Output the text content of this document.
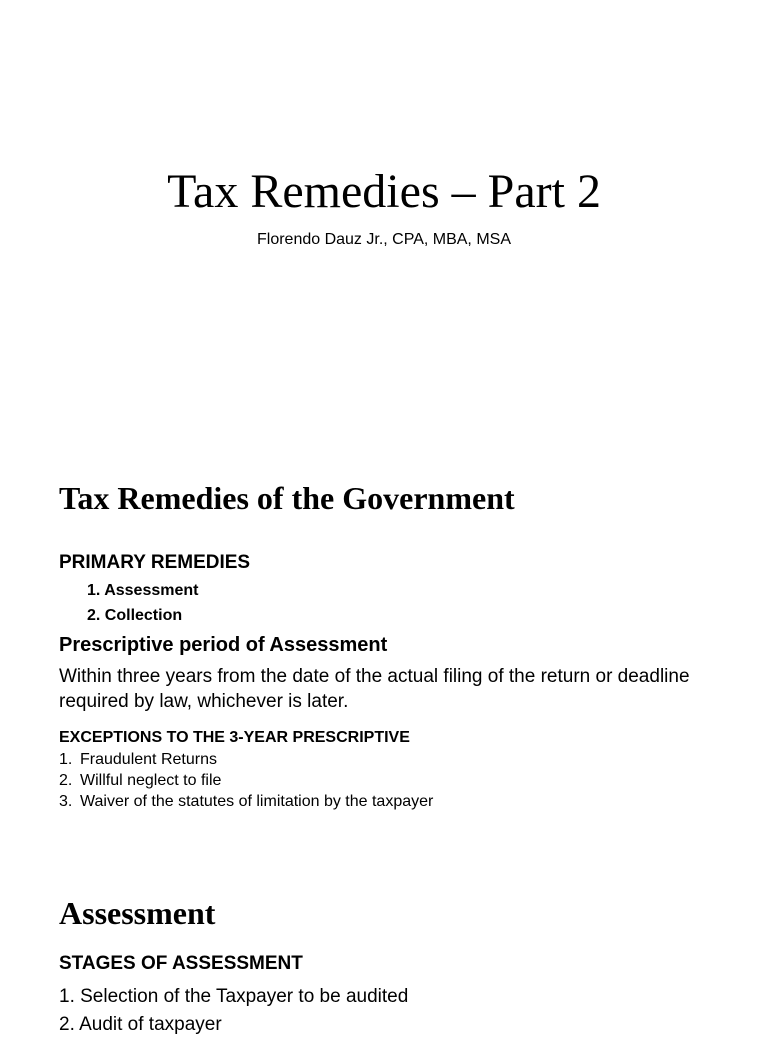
Tax Remedies – Part 2
Florendo Dauz Jr., CPA, MBA, MSA
Tax Remedies of the Government
PRIMARY REMEDIES
1. Assessment
2. Collection
Prescriptive period of Assessment
Within three years from the date of the actual filing of the return or deadline required by law, whichever is later.
EXCEPTIONS TO THE 3-YEAR PRESCRIPTIVE
1. Fraudulent Returns
2. Willful neglect to file
3. Waiver of the statutes of limitation by the taxpayer
Assessment
STAGES OF ASSESSMENT
1. Selection of the Taxpayer to be audited
2. Audit of taxpayer
